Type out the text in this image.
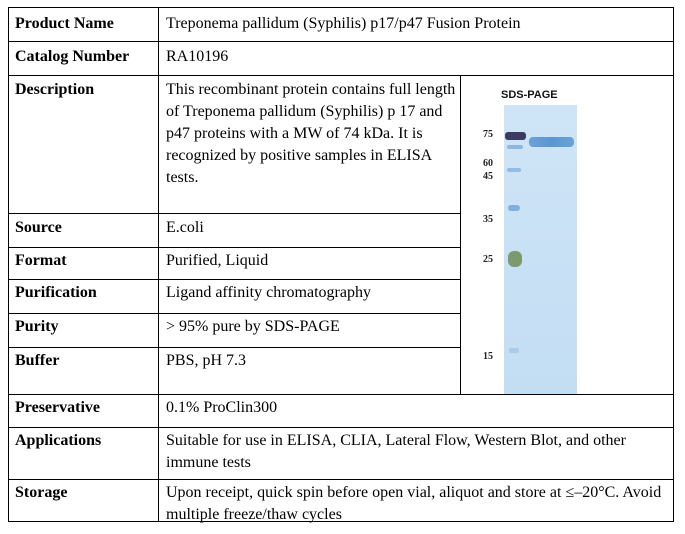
Product Name	Treponema pallidum (Syphilis) p17/p47 Fusion Protein
Catalog Number RA10196
Description	This recombinant protein contains full length of Treponema pallidum (Syphilis) p 17 and p47 proteins with a MW of 74 kDa. It is recognized by positive samples in ELISA tests.
Source	E.coli
Format	Purified, Liquid
Purification	Ligand affinity chromatography
Purity	> 95% pure by SDS-PAGE
Buffer	PBS, pH 7.3
Preservative	0.1% ProClin300
Applications	Suitable for use in ELISA, CLIA, Lateral Flow, Western Blot, and other immune tests
Storage	Upon receipt, quick spin before open vial, aliquot and store at ≤–20°C. Avoid multiple freeze/thaw cycles
SDS-PAGE
75
60
45
35
25
15
